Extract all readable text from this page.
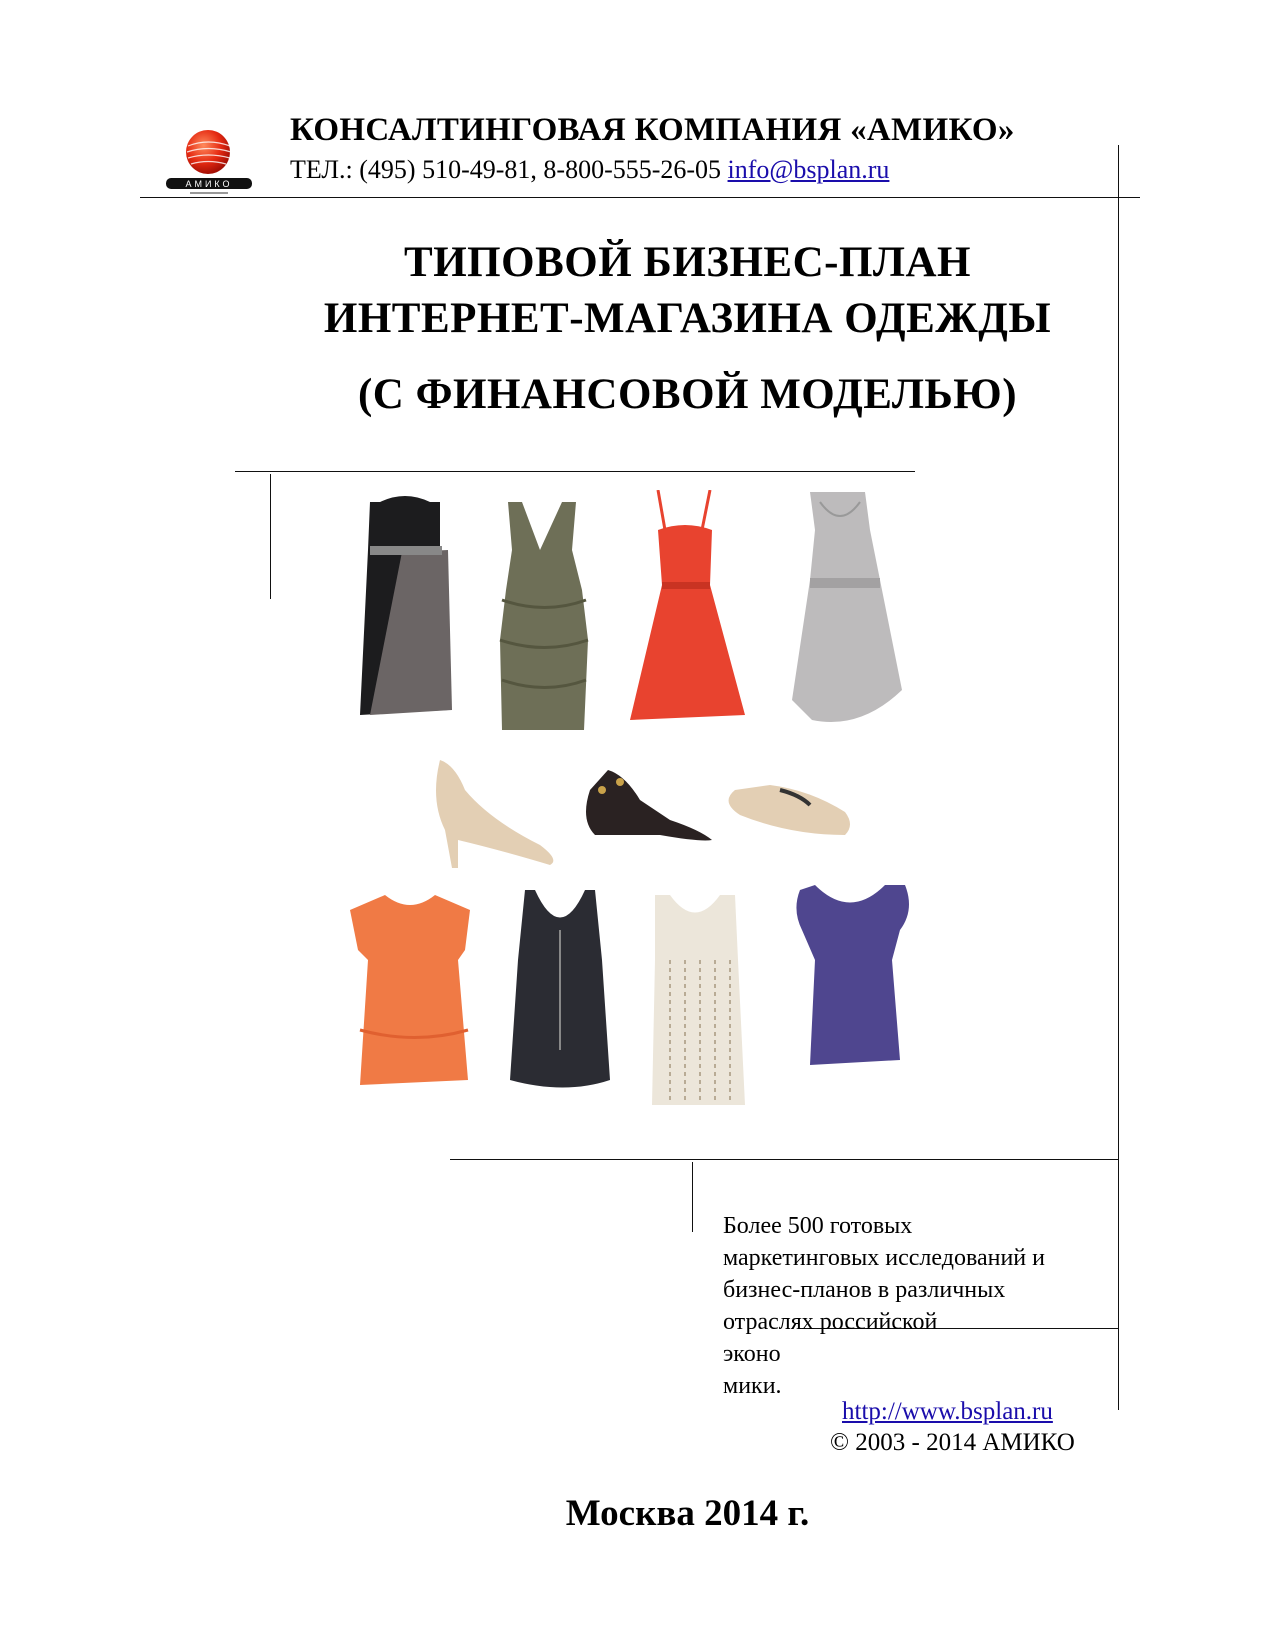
АМИКО
КОНСАЛТИНГОВАЯ КОМПАНИЯ «АМИКО»
ТЕЛ.: (495) 510-49-81, 8-800-555-26-05 info@bsplan.ru
ТИПОВОЙ БИЗНЕС-ПЛАН
ИНТЕРНЕТ-МАГАЗИНА ОДЕЖДЫ
(С ФИНАНСОВОЙ МОДЕЛЬЮ)

Более 500 готовых

маркетинговых исследований и

бизнес-планов в различных

отраслях российской

эконо

мики.

http://www.bsplan.ru
© 2003 - 2014 АМИКО
Москва 2014 г.
